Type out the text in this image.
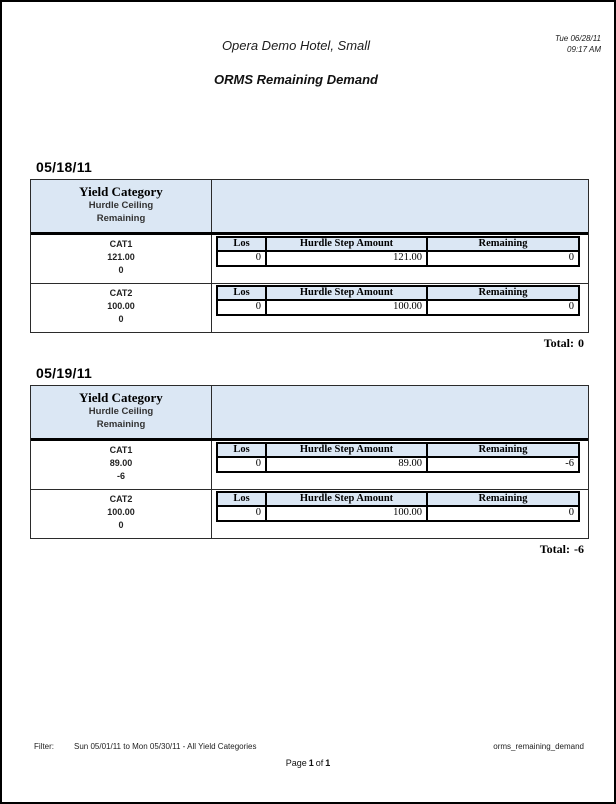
Opera Demo Hotel, Small	Tue 06/28/11
09:17 AM
ORMS Remaining Demand
05/18/11
Yield Category
Hurdle Ceiling
Remaining
CAT1
121.00
0
Los	Hurdle Step Amount	Remaining
0	121.00	0
CAT2
100.00
0
Los	Hurdle Step Amount	Remaining
0	100.00	0
Total: 0
05/19/11
Yield Category
Hurdle Ceiling
Remaining
CAT1
89.00
-6
Los	Hurdle Step Amount	Remaining
0	89.00	-6
CAT2
100.00
0
Los	Hurdle Step Amount	Remaining
0	100.00	0
Total: -6
Filter:	Sun 05/01/11 to Mon 05/30/11 - All Yield Categories	orms_remaining_demand
Page 1 of 1
